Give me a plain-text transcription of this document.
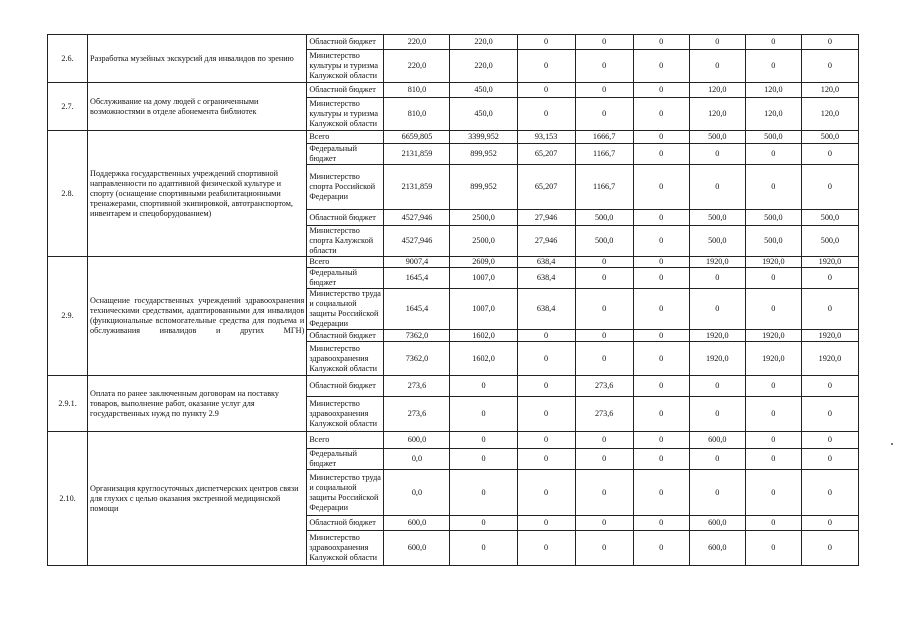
2.6.	Разработка музейных экскурсий для инвалидов по зрению	Областной бюджет	220,0	220,0	0	0	0	0	0	0
		Министерство культуры и туризма Калужской области	220,0	220,0	0	0	0	0	0	0
2.7.	Обслуживание на дому людей с ограниченными возможностями в отделе абонемента библиотек	Областной бюджет	810,0	450,0	0	0	0	120,0	120,0	120,0
		Министерство культуры и туризма Калужской области	810,0	450,0	0	0	0	120,0	120,0	120,0
2.8.	Поддержка государственных учреждений спортивной направленности по адаптивной физической культуре и спорту (оснащение спортивными реабилитационными тренажерами, спортивной экипировкой, автотранспортом, инвентарем и спецоборудованием)	Всего	6659,805	3399,952	93,153	1666,7	0	500,0	500,0	500,0
		Федеральный бюджет	2131,859	899,952	65,207	1166,7	0	0	0	0
		Министерство спорта Российской Федерации	2131,859	899,952	65,207	1166,7	0	0	0	0
		Областной бюджет	4527,946	2500,0	27,946	500,0	0	500,0	500,0	500,0
		Министерство спорта Калужской области	4527,946	2500,0	27,946	500,0	0	500,0	500,0	500,0
2.9.	Оснащение государственных учреждений здравоохранения техническими средствами, адаптированными для инвалидов (функциональные вспомогательные средства для подъема и обслуживания инвалидов и других МГН)	Всего	9007,4	2609,0	638,4	0	0	1920,0	1920,0	1920,0
		Федеральный бюджет	1645,4	1007,0	638,4	0	0	0	0	0
		Министерство труда и социальной защиты Российской Федерации	1645,4	1007,0	638,4	0	0	0	0	0
		Областной бюджет	7362,0	1602,0	0	0	0	1920,0	1920,0	1920,0
		Министерство здравоохранения Калужской области	7362,0	1602,0	0	0	0	1920,0	1920,0	1920,0
2.9.1.	Оплата по ранее заключенным договорам на поставку товаров, выполнение работ, оказание услуг для государственных нужд по пункту 2.9	Областной бюджет	273,6	0	0	273,6	0	0	0	0
		Министерство здравоохранения Калужской области	273,6	0	0	273,6	0	0	0	0
2.10.	Организация круглосуточных диспетчерских центров связи для глухих с целью оказания экстренной медицинской помощи	Всего	600,0	0	0	0	0	600,0	0	0
		Федеральный бюджет	0,0	0	0	0	0	0	0	0
		Министерство труда и социальной защиты Российской Федерации	0,0	0	0	0	0	0	0	0
		Областной бюджет	600,0	0	0	0	0	600,0	0	0
		Министерство здравоохранения Калужской области	600,0	0	0	0	0	600,0	0	0
